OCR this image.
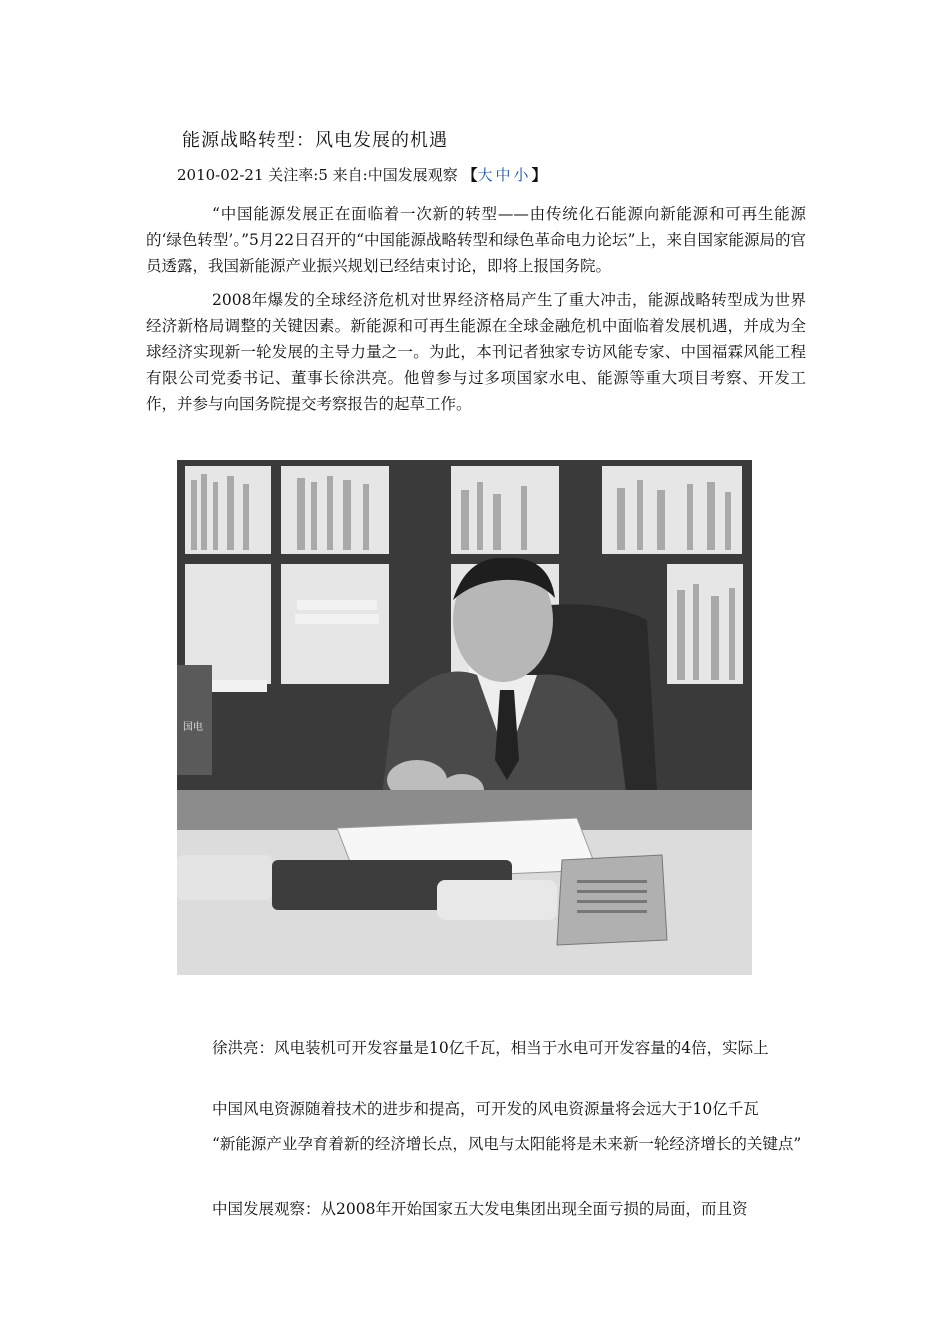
能源战略转型：风电发展的机遇
2010-02-21 关注率:5 来自:中国发展观察 【大中小】

“中国能源发展正在面临着一次新的转型——由传统化石能源向新能源和可再生能源的‘绿色转型’。”5月22日召开的“中国能源战略转型和绿色革命电力论坛”上，来自国家能源局的官员透露，我国新能源产业振兴规划已经结束讨论，即将上报国务院。

2008年爆发的全球经济危机对世界经济格局产生了重大冲击，能源战略转型成为世界经济新格局调整的关键因素。新能源和可再生能源在全球金融危机中面临着发展机遇，并成为全球经济实现新一轮发展的主导力量之一。为此，本刊记者独家专访风能专家、中国福霖风能工程有限公司党委书记、董事长徐洪亮。他曾参与过多项国家水电、能源等重大项目考察、开发工作，并参与向国务院提交考察报告的起草工作。

国电

徐洪亮：风电装机可开发容量是10亿千瓦，相当于水电可开发容量的4倍，实际上

中国风电资源随着技术的进步和提高，可开发的风电资源量将会远大于10亿千瓦

“新能源产业孕育着新的经济增长点，风电与太阳能将是未来新一轮经济增长的关键点”

中国发展观察：从2008年开始国家五大发电集团出现全面亏损的局面，而且资
